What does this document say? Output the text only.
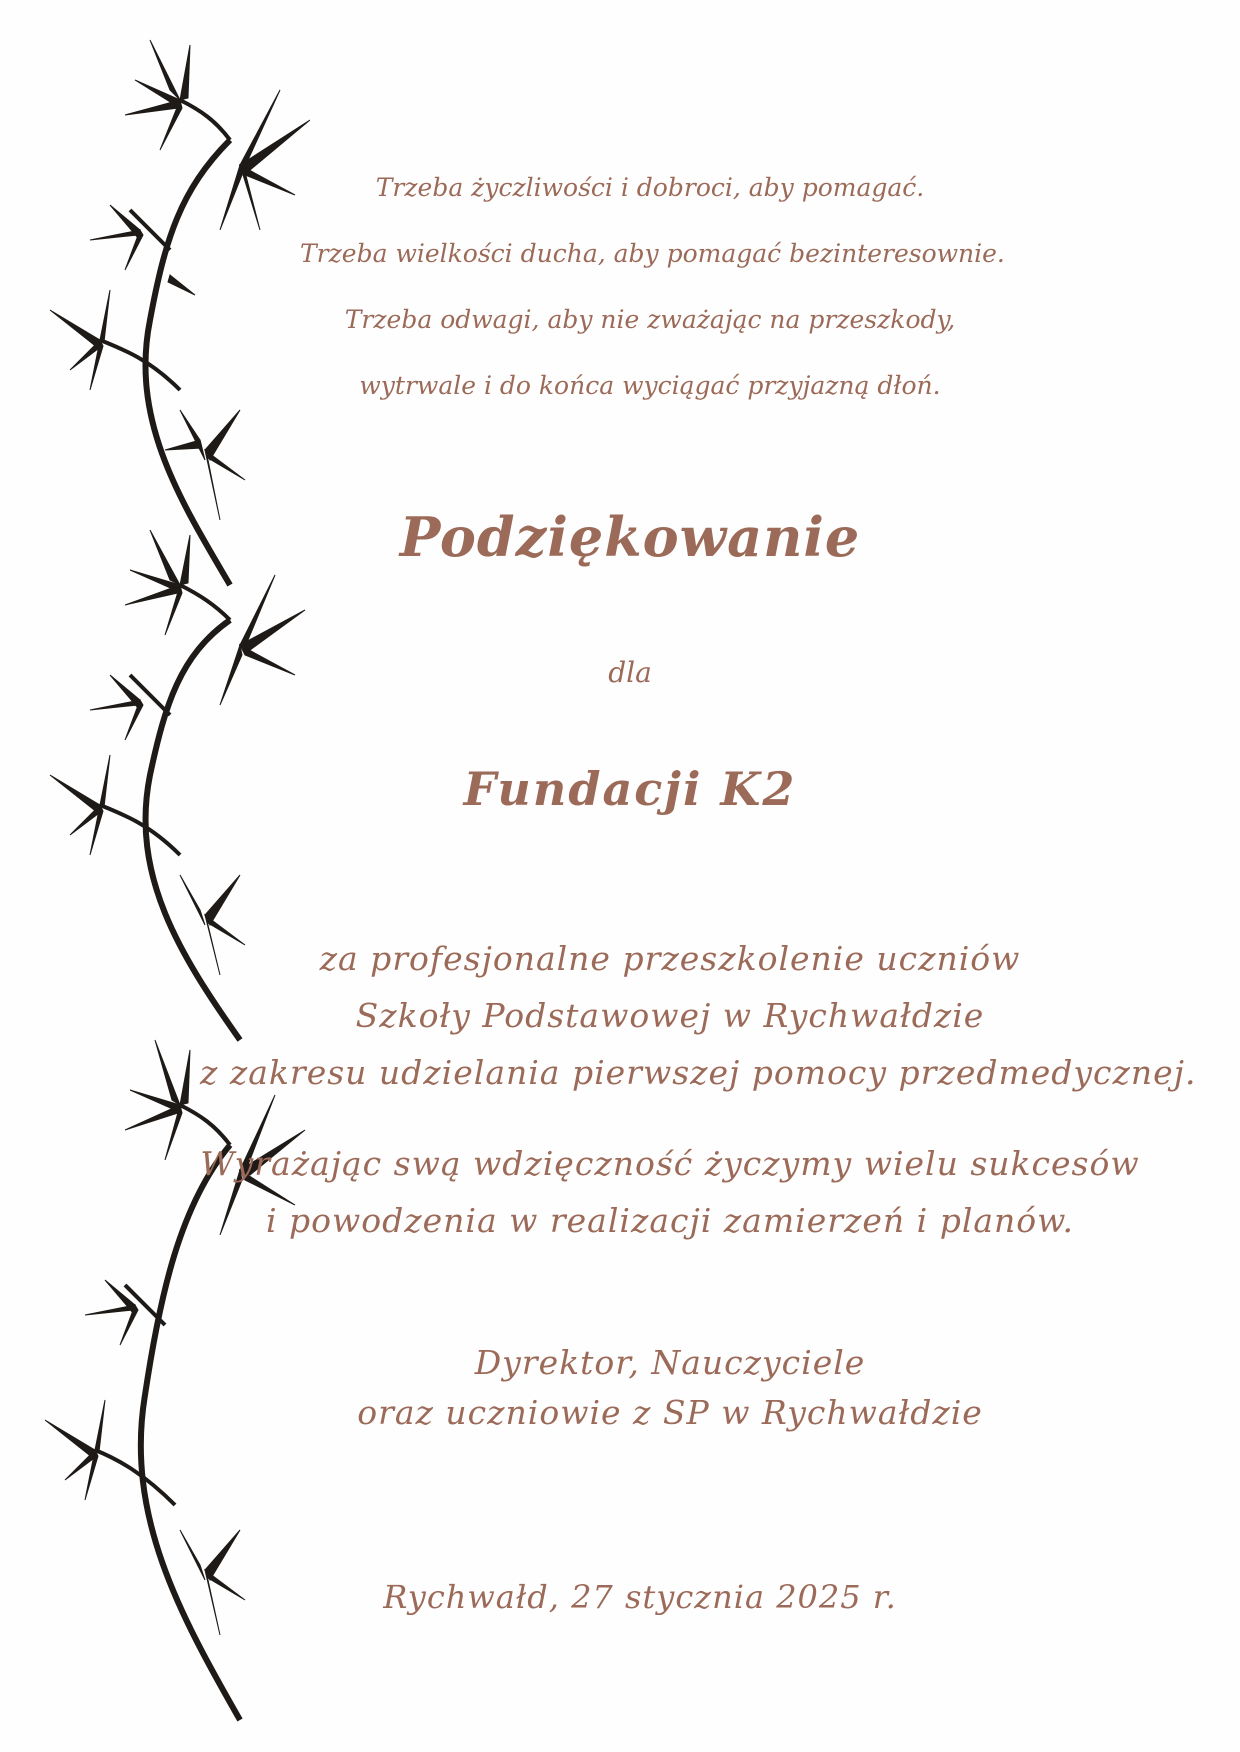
Trzeba życzliwości i dobroci, aby pomagać.
Trzeba wielkości ducha, aby pomagać bezinteresownie.
Trzeba odwagi, aby nie zważając na przeszkody,
wytrwale i do końca wyciągać przyjazną dłoń.
Podziękowanie
dla
Fundacji K2
za profesjonalne przeszkolenie uczniów
Szkoły Podstawowej w Rychwałdzie
z zakresu udzielania pierwszej pomocy przedmedycznej.
Wyrażając swą wdzięczność życzymy wielu sukcesów
i powodzenia w realizacji zamierzeń i planów.
Dyrektor, Nauczyciele
oraz uczniowie z SP w Rychwałdzie
Rychwałd, 27 stycznia 2025 r.
